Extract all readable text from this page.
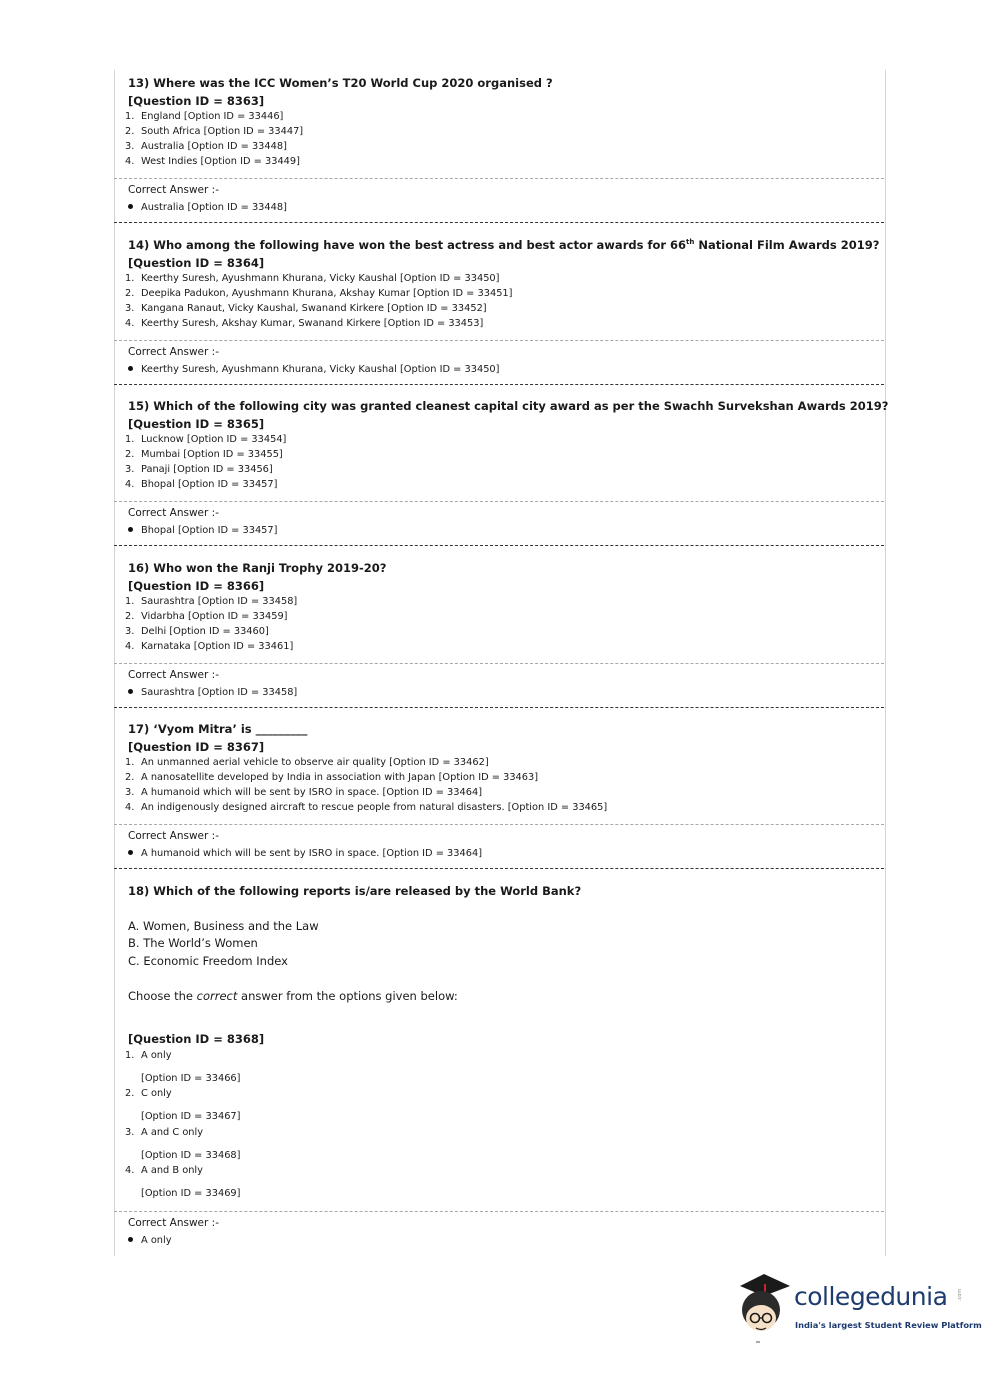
13) Where was the ICC Women’s T20 World Cup 2020 organised ?
[Question ID = 8363]
1. England [Option ID = 33446]
2. South Africa [Option ID = 33447]
3. Australia [Option ID = 33448]
4. West Indies [Option ID = 33449]
Correct Answer :-
Australia [Option ID = 33448]
14) Who among the following have won the best actress and best actor awards for 66th National Film Awards 2019?
[Question ID = 8364]
1. Keerthy Suresh, Ayushmann Khurana, Vicky Kaushal [Option ID = 33450]
2. Deepika Padukon, Ayushmann Khurana, Akshay Kumar [Option ID = 33451]
3. Kangana Ranaut, Vicky Kaushal, Swanand Kirkere [Option ID = 33452]
4. Keerthy Suresh, Akshay Kumar, Swanand Kirkere [Option ID = 33453]
Correct Answer :-
Keerthy Suresh, Ayushmann Khurana, Vicky Kaushal [Option ID = 33450]
15) Which of the following city was granted cleanest capital city award as per the Swachh Survekshan Awards 2019?
[Question ID = 8365]
1. Lucknow [Option ID = 33454]
2. Mumbai [Option ID = 33455]
3. Panaji [Option ID = 33456]
4. Bhopal [Option ID = 33457]
Correct Answer :-
Bhopal [Option ID = 33457]
16) Who won the Ranji Trophy 2019-20?
[Question ID = 8366]
1. Saurashtra [Option ID = 33458]
2. Vidarbha [Option ID = 33459]
3. Delhi [Option ID = 33460]
4. Karnataka [Option ID = 33461]
Correct Answer :-
Saurashtra [Option ID = 33458]
17) ‘Vyom Mitra’ is _________
[Question ID = 8367]
1. An unmanned aerial vehicle to observe air quality [Option ID = 33462]
2. A nanosatellite developed by India in association with Japan [Option ID = 33463]
3. A humanoid which will be sent by ISRO in space. [Option ID = 33464]
4. An indigenously designed aircraft to rescue people from natural disasters. [Option ID = 33465]
Correct Answer :-
A humanoid which will be sent by ISRO in space. [Option ID = 33464]
18) Which of the following reports is/are released by the World Bank?
A. Women, Business and the Law
B. The World’s Women
C. Economic Freedom Index
Choose the correct answer from the options given below:
[Question ID = 8368]
1. A only
[Option ID = 33466]
2. C only
[Option ID = 33467]
3. A and C only
[Option ID = 33468]
4. A and B only
[Option ID = 33469]
Correct Answer :-
A only
collegedunia .com
India's largest Student Review Platform
